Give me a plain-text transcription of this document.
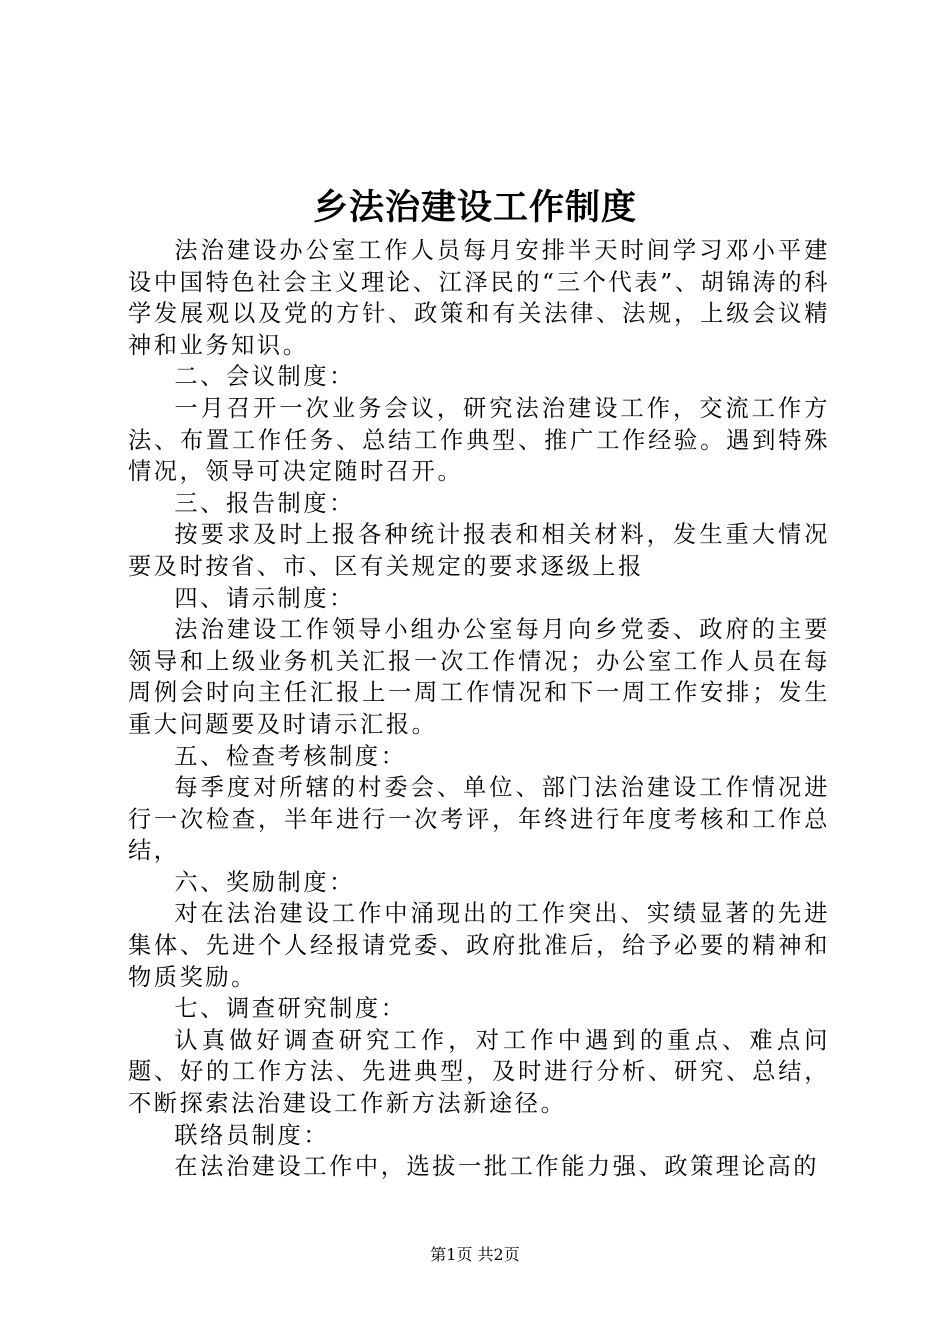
乡法治建设工作制度

法治建设办公室工作人员每月安排半天时间学习邓小平建设中国特色社会主义理论、江泽民的“三个代表”、胡锦涛的科学发展观以及党的方针、政策和有关法律、法规，上级会议精神和业务知识。

二、会议制度：

一月召开一次业务会议，研究法治建设工作，交流工作方法、布置工作任务、总结工作典型、推广工作经验。遇到特殊情况，领导可决定随时召开。

三、报告制度：

按要求及时上报各种统计报表和相关材料，发生重大情况要及时按省、市、区有关规定的要求逐级上报

四、请示制度：

法治建设工作领导小组办公室每月向乡党委、政府的主要领导和上级业务机关汇报一次工作情况；办公室工作人员在每周例会时向主任汇报上一周工作情况和下一周工作安排；发生重大问题要及时请示汇报。

五、检查考核制度：

每季度对所辖的村委会、单位、部门法治建设工作情况进行一次检查，半年进行一次考评，年终进行年度考核和工作总结，

六、奖励制度：

对在法治建设工作中涌现出的工作突出、实绩显著的先进集体、先进个人经报请党委、政府批准后，给予必要的精神和物质奖励。

七、调查研究制度：

认真做好调查研究工作，对工作中遇到的重点、难点问题、好的工作方法、先进典型，及时进行分析、研究、总结，不断探索法治建设工作新方法新途径。

联络员制度：

在法治建设工作中，选拔一批工作能力强、政策理论高的

第1页 共2页
